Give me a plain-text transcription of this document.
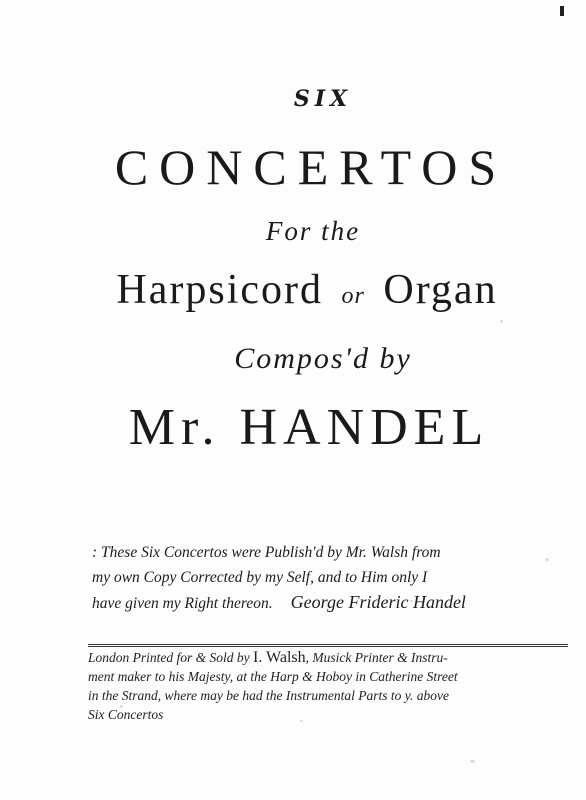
SIX
CONCERTOS
For the
Harpsicord or Organ
Compos'd by
Mr. HANDEL
: These Six Concertos were Publish'd by Mr. Walsh from
my own Copy Corrected by my Self, and to Him only I
have given my Right thereon. George Frideric Handel
London Printed for & Sold by I. Walsh, Musick Printer & Instru-
ment maker to his Majesty, at the Harp & Hoboy in Catherine Street
in the Strand, where may be had the Instrumental Parts to y. above
Six Concertos
